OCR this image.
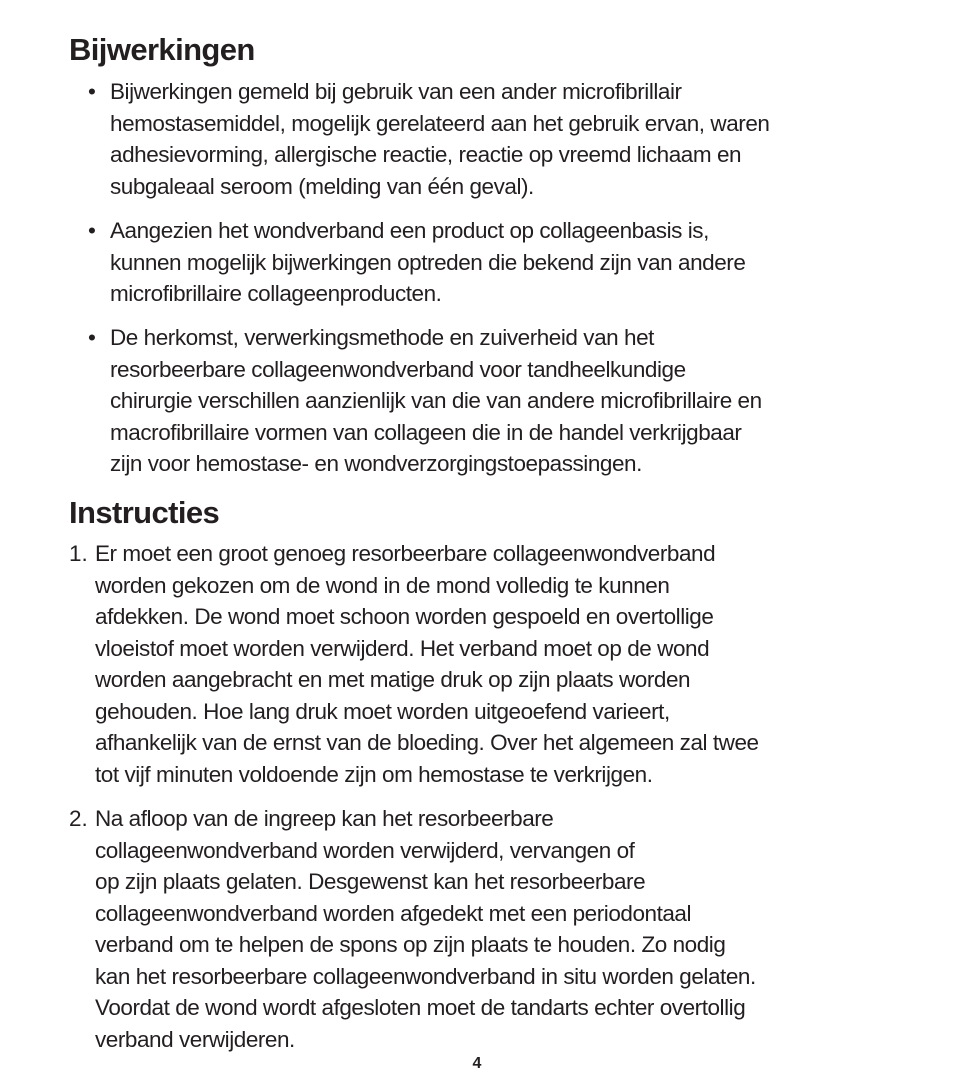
Bijwerkingen
• Bijwerkingen gemeld bij gebruik van een ander microfibrillair
hemostasemiddel, mogelijk gerelateerd aan het gebruik ervan, waren
adhesievorming, allergische reactie, reactie op vreemd lichaam en
subgaleaal seroom (melding van één geval).
• Aangezien het wondverband een product op collageenbasis is,
kunnen mogelijk bijwerkingen optreden die bekend zijn van andere
microfibrillaire collageenproducten.
• De herkomst, verwerkingsmethode en zuiverheid van het
resorbeerbare collageenwondverband voor tandheelkundige
chirurgie verschillen aanzienlijk van die van andere microfibrillaire en
macrofibrillaire vormen van collageen die in de handel verkrijgbaar
zijn voor hemostase- en wondverzorgingstoepassingen.
Instructies
1. Er moet een groot genoeg resorbeerbare collageenwondverband
worden gekozen om de wond in de mond volledig te kunnen
afdekken. De wond moet schoon worden gespoeld en overtollige
vloeistof moet worden verwijderd. Het verband moet op de wond
worden aangebracht en met matige druk op zijn plaats worden
gehouden. Hoe lang druk moet worden uitgeoefend varieert,
afhankelijk van de ernst van de bloeding. Over het algemeen zal twee
tot vijf minuten voldoende zijn om hemostase te verkrijgen.
2. Na afloop van de ingreep kan het resorbeerbare
collageenwondverband worden verwijderd, vervangen of
op zijn plaats gelaten. Desgewenst kan het resorbeerbare
collageenwondverband worden afgedekt met een periodontaal
verband om te helpen de spons op zijn plaats te houden. Zo nodig
kan het resorbeerbare collageenwondverband in situ worden gelaten.
Voordat de wond wordt afgesloten moet de tandarts echter overtollig
verband verwijderen.
4
